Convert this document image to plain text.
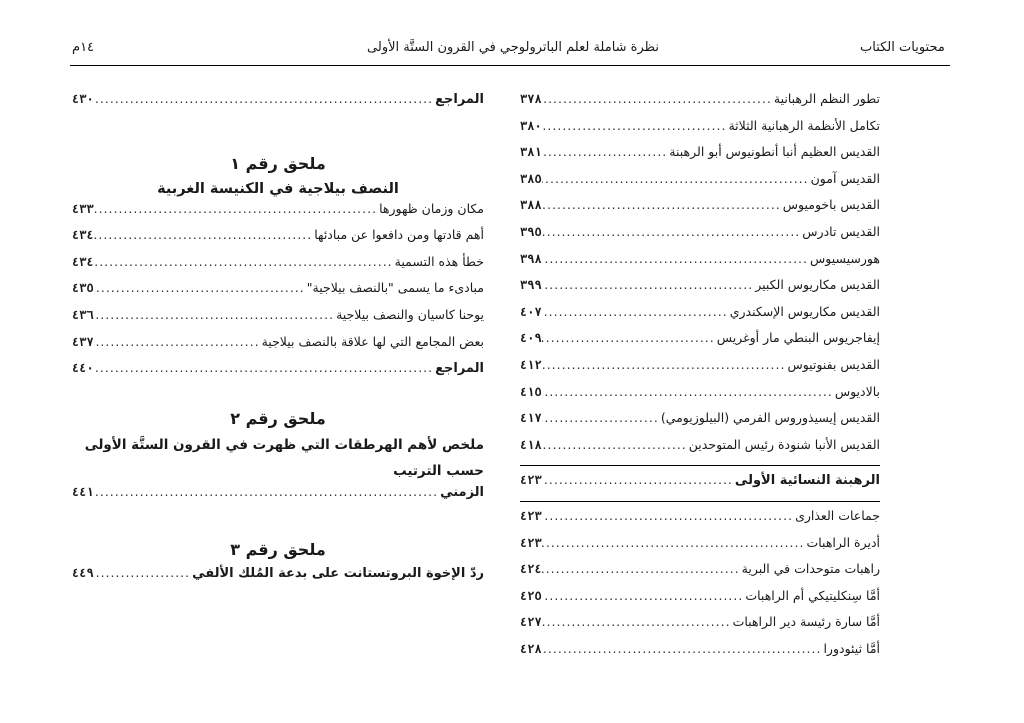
محتويات الكتاب
نظرة شاملة لعلم الباترولوجي في القرون الستَّة الأولى
١٤م
تطور النظم الرهبانية
.....
٣٧٨
تكامل الأنظمة الرهبانية الثلاثة
.....
٣٨٠
القديس العظيم أنبا أنطونيوس أبو الرهبنة
.....
٣٨١
القديس آمون
.....
٣٨٥
القديس باخوميوس
.....
٣٨٨
القديس تادرس
.....
٣٩٥
هورسيسيوس
.....
٣٩٨
القديس مكاريوس الكبير
.....
٣٩٩
القديس مكاريوس الإسكندري
.....
٤٠٧
إيفاجريوس البنطي مار أوغريس
.....
٤٠٩
القديس بفنوتيوس
.....
٤١٢
بالاديوس
.....
٤١٥
القديس إيسيذوروس الفرمي (البيلوزيومي)
.....
٤١٧
القديس الأنبا شنودة رئيس المتوحدين
.....
٤١٨
الرهبنة النسائية الأولى
.....
٤٢٣
جماعات العذارى
.....
٤٢٣
أديرة الراهبات
.....
٤٢٣
راهبات متوحدات في البرية
.....
٤٢٤
أمَّا سِنكليتيكي أم الراهبات
.....
٤٢٥
أمَّا سارة رئيسة دير الراهبات
.....
٤٢٧
أمَّا ثيئودورا
.....
٤٢٨
المراجع
.....
٤٣٠
ملحق رقم ١
النصف بيلاجية في الكنيسة الغربية
مكان وزمان ظهورها
.....
٤٣٣
أهم قادتها ومن دافعوا عن مبادئها
.....
٤٣٤
خطأ هذه التسمية
.....
٤٣٤
مبادىء ما يسمى "بالنصف بيلاجية"
.....
٤٣٥
يوحنا كاسيان والنصف بيلاجية
.....
٤٣٦
بعض المجامع التي لها علاقة بالنصف بيلاجية
.....
٤٣٧
المراجع
.....
٤٤٠
ملحق رقم ٢
ملخص لأهم الهرطقات التي ظهرت في القرون الستَّة الأولى حسب الترتيب
الزمني
.....
٤٤١
ملحق رقم ٣
ردّ الإخوة البروتستانت على بدعة المُلك الألفي
.....
٤٤٩
